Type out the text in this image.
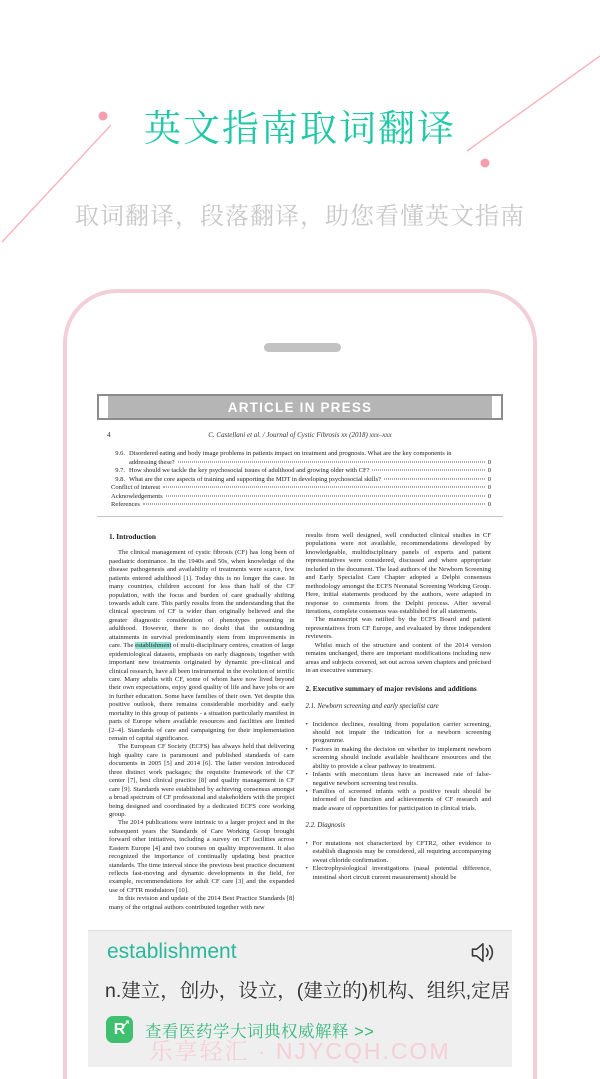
英文指南取词翻译
取词翻译，段落翻译，助您看懂英文指南
ARTICLE IN PRESS
4	C. Castellani et al. / Journal of Cystic Fibrosis xx (2018) xxx–xxx
9.6. Disordered eating and body image problems in patients impact on treatment and prognosis. What are the key components in
addressing these?	0
9.7. How should we tackle the key psychosocial issues of adulthood and growing older with CF?	0
9.8. What are the core aspects of training and supporting the MDT in developing psychosocial skills?	0
Conflict of interest	0
Acknowledgements	0
References	0
1. Introduction

The clinical management of cystic fibrosis (CF) has long been of paediatric dominance. In the 1940s and 50s, when knowledge of the disease pathogenesis and availability of treatments were scarce, few patients entered adulthood [1]. Today this is no longer the case. In many countries, children account for less than half of the CF population, with the focus and burden of care gradually shifting towards adult care. This partly results from the understanding that the clinical spectrum of CF is wider than originally believed and the greater diagnostic consideration of phenotypes presenting in adulthood. However, there is no doubt that the outstanding attainments in survival predominantly stem from improvements in care. The establishment of multi-disciplinary centres, creation of large epidemiological datasets, emphasis on early diagnosis, together with important new treatments originated by dynamic pre-clinical and clinical research, have all been instrumental in the evolution of terrific care. Many adults with CF, some of whom have now lived beyond their own expectations, enjoy good quality of life and have jobs or are in further education. Some have families of their own. Yet despite this positive outlook, there remains considerable morbidity and early mortality in this group of patients - a situation particularly manifest in parts of Europe where available resources and facilities are limited [2–4]. Standards of care and campaigning for their implementation remain of capital significance.

The European CF Society (ECFS) has always held that delivering high quality care is paramount and published standards of care documents in 2005 [5] and 2014 [6]. The latter version introduced three distinct work packages; the requisite framework of the CF center [7], best clinical practice [8] and quality management in CF care [9]. Standards were established by achieving consensus amongst a broad spectrum of CF professional and stakeholders with the project being designed and coordinated by a dedicated ECFS core working group.

The 2014 publications were intrinsic to a larger project and in the subsequent years the Standards of Care Working Group brought forward other initiatives, including a survey on CF facilities across Eastern Europe [4] and two courses on quality improvement. It also recognized the importance of continually updating best practice standards. The time interval since the previous best practice document reflects fast-moving and dynamic developments in the field, for example, recommendations for adult CF care [3] and the expanded use of CFTR modulators [10].

In this revision and update of the 2014 Best Practice Standards [8] many of the original authors contributed together with new

results from well designed, well conducted clinical studies in CF populations were not available, recommendations developed by knowledgeable, multidisciplinary panels of experts and patient representatives were considered, discussed and where appropriate included in the document. The lead authors of the Newborn Screening and Early Specialist Care Chapter adopted a Delphi consensus methodology amongst the ECFS Neonatal Screening Working Group. Here, initial statements produced by the authors, were adapted in response to comments from the Delphi process. After several iterations, complete consensus was established for all statements.

The manuscript was ratified by the ECFS Board and patient representatives from CF Europe, and evaluated by three independent reviewers.

Whilst much of the structure and content of the 2014 version remains unchanged, there are important modifications including new areas and subjects covered, set out across seven chapters and précised in an executive summary.

2. Executive summary of major revisions and additions
2.1. Newborn screening and early specialist care
• Incidence declines, resulting from population carrier screening, should not impair the indication for a newborn screening programme.
• Factors in making the decision on whether to implement newborn screening should include available healthcare resources and the ability to provide a clear pathway to treatment.
• Infants with meconium ileus have an increased rate of false-negative newborn screening test results.
• Families of screened infants with a positive result should be informed of the function and achievements of CF research and made aware of opportunities for participation in clinical trials.
2.2. Diagnosis
• For mutations not characterized by CFTR2, other evidence to establish diagnosis may be considered, all requiring accompanying sweat chloride confirmation.
• Electrophysiological investigations (nasal potential difference, intestinal short circuit current measurement) should be
establishment
n.建立，创办，设立，(建立的)机构、组织,定居
R
↗ 查看医药学大词典权威解释 >>
乐享轻汇 · NJYCQH.COM
